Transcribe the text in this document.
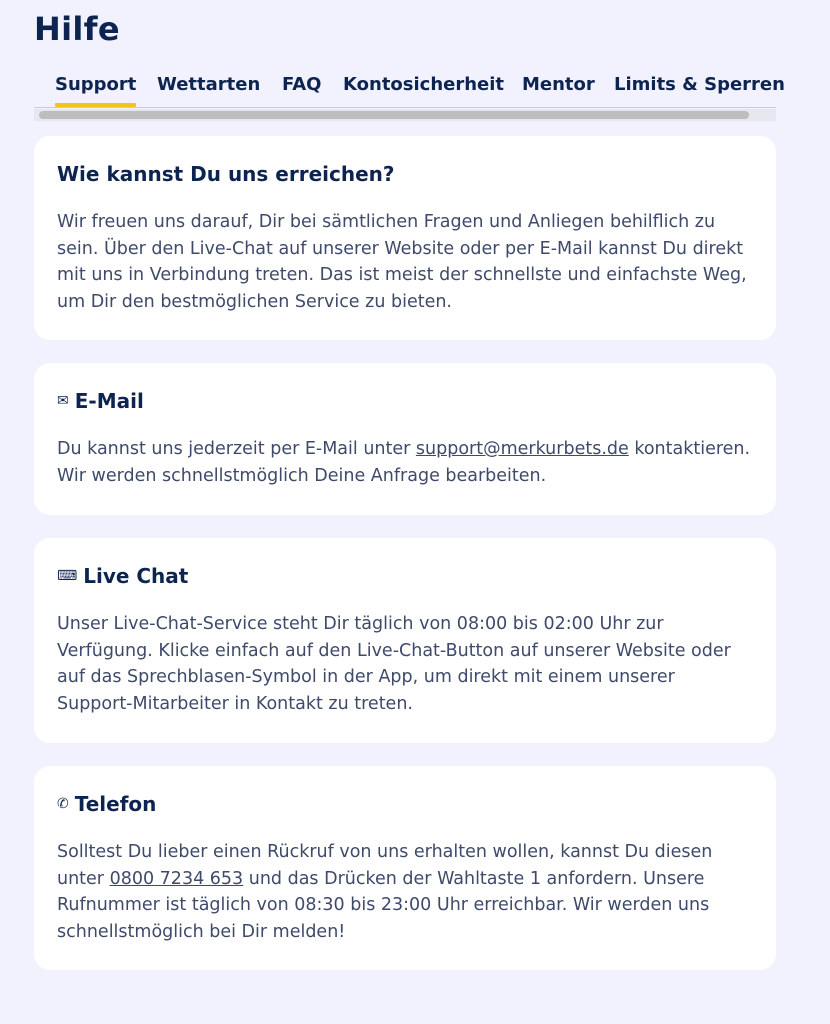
Hilfe
Support Wettarten FAQ Kontosicherheit Mentor Limits & Sperren
Wie kannst Du uns erreichen?

Wir freuen uns darauf, Dir bei sämtlichen Fragen und Anliegen behilflich zu sein. Über den Live-Chat auf unserer Website oder per E-Mail kannst Du direkt mit uns in Verbindung treten. Das ist meist der schnellste und einfachste Weg, um Dir den bestmöglichen Service zu bieten.

✉ E-Mail

Du kannst uns jederzeit per E-Mail unter support@merkurbets.de kontaktieren. Wir werden schnellstmöglich Deine Anfrage bearbeiten.

⌨ Live Chat

Unser Live-Chat-Service steht Dir täglich von 08:00 bis 02:00 Uhr zur Verfügung. Klicke einfach auf den Live-Chat-Button auf unserer Website oder auf das Sprechblasen-Symbol in der App, um direkt mit einem unserer Support-Mitarbeiter in Kontakt zu treten.

✆ Telefon

Solltest Du lieber einen Rückruf von uns erhalten wollen, kannst Du diesen unter 0800 7234 653 und das Drücken der Wahltaste 1 anfordern. Unsere Rufnummer ist täglich von 08:30 bis 23:00 Uhr erreichbar. Wir werden uns schnellstmöglich bei Dir melden!
